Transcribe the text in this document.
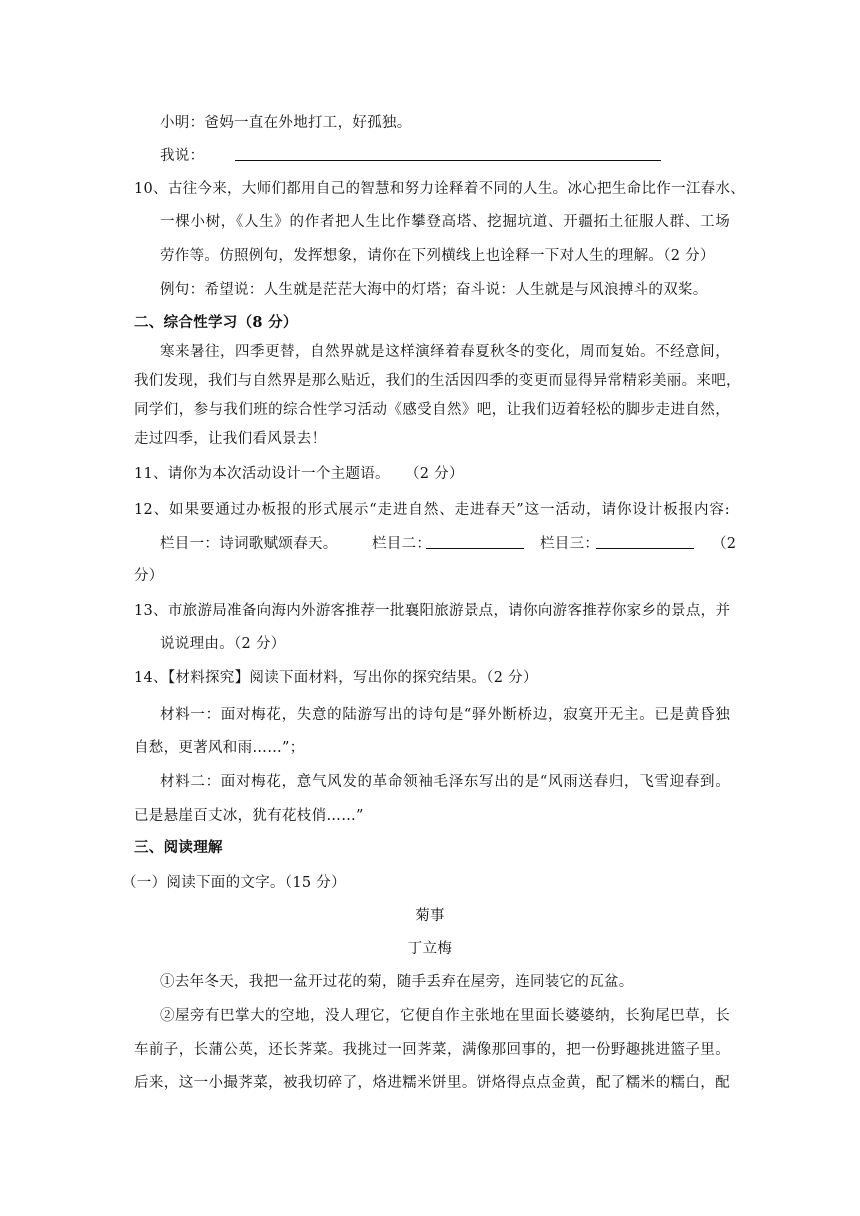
小明：爸妈一直在外地打工，好孤独。
我说：
10、古往今来，大师们都用自己的智慧和努力诠释着不同的人生。冰心把生命比作一江春水、
一棵小树，《人生》的作者把人生比作攀登高塔、挖掘坑道、开疆拓土征服人群、工场
劳作等。仿照例句，发挥想象，请你在下列横线上也诠释一下对人生的理解。（2 分）
例句：希望说：人生就是茫茫大海中的灯塔；奋斗说：人生就是与风浪搏斗的双桨。
二、综合性学习（8 分）
寒来暑往，四季更替，自然界就是这样演绎着春夏秋冬的变化，周而复始。不经意间，
我们发现，我们与自然界是那么贴近，我们的生活因四季的变更而显得异常精彩美丽。来吧，
同学们，参与我们班的综合性学习活动《感受自然》吧，让我们迈着轻松的脚步走进自然，
走过四季，让我们看风景去！
11、请你为本次活动设计一个主题语。　　（2 分）
12、如果要通过办板报的形式展示“走进自然、走进春天”这一活动，请你设计板报内容:
栏目一：诗词歌赋颂春天。 栏目二：	栏目三：	（2
分）
13、市旅游局准备向海内外游客推荐一批襄阳旅游景点，请你向游客推荐你家乡的景点，并
说说理由。（2 分）
14、【材料探究】阅读下面材料，写出你的探究结果。（2 分）
材料一：面对梅花，失意的陆游写出的诗句是“驿外断桥边，寂寞开无主。已是黄昏独
自愁，更著风和雨……”；
材料二：面对梅花，意气风发的革命领袖毛泽东写出的是“风雨送春归，飞雪迎春到。
已是悬崖百丈冰，犹有花枝俏……”
三、阅读理解
（一）阅读下面的文字。（15 分）
菊事
丁立梅
①去年冬天，我把一盆开过花的菊，随手丢弃在屋旁，连同装它的瓦盆。
②屋旁有巴掌大的空地，没人理它，它便自作主张地在里面长婆婆纳，长狗尾巴草，长
车前子，长蒲公英，还长荠菜。我挑过一回荠菜，满像那回事的，把一份野趣挑进篮子里。
后来，这一小撮荠菜，被我切碎了，烙进糯米饼里。饼烙得点点金黄，配了糯米的糯白，配
